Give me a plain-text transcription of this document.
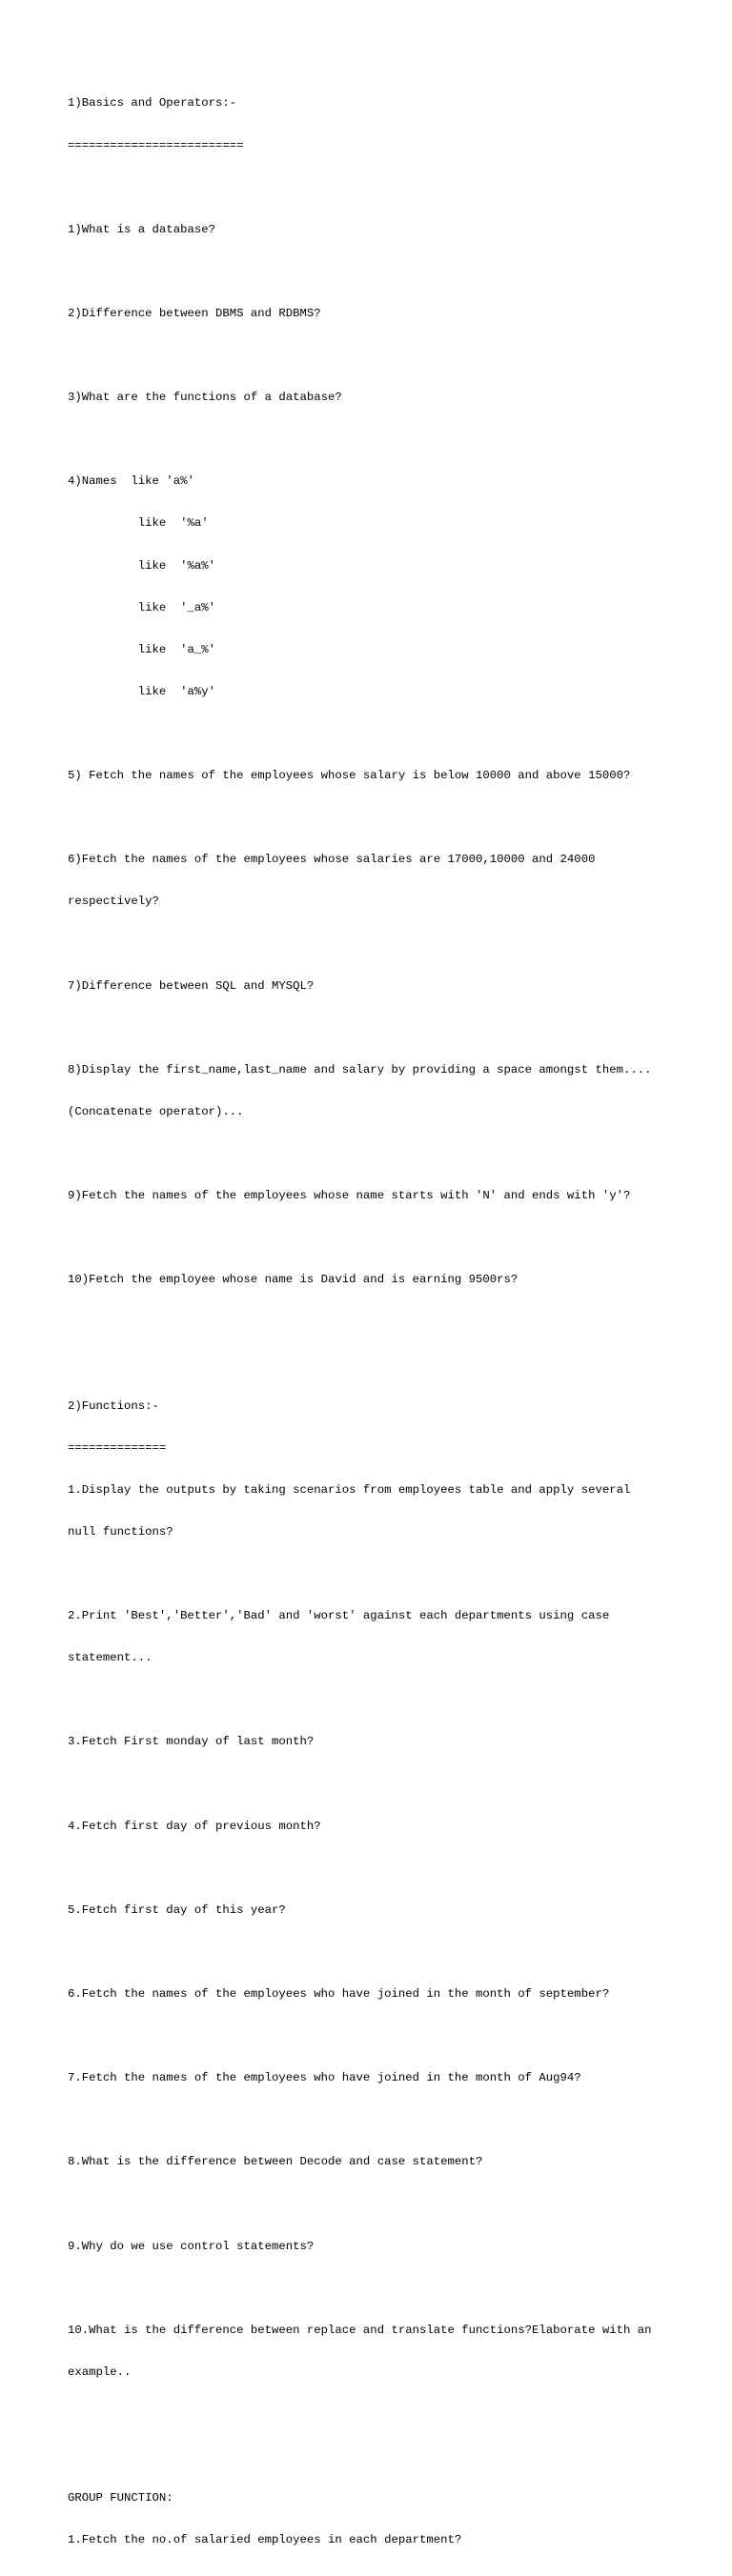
1)Basics and Operators:-

=========================

1)What is a database?

2)Difference between DBMS and RDBMS?

3)What are the functions of a database?

4)Names  like 'a%'

like  '%a'

like  '%a%'

like  '_a%'

like  'a_%'

like  'a%y'

5) Fetch the names of the employees whose salary is below 10000 and above 15000?

6)Fetch the names of the employees whose salaries are 17000,10000 and 24000

respectively?

7)Difference between SQL and MYSQL?

8)Display the first_name,last_name and salary by providing a space amongst them....

(Concatenate operator)...

9)Fetch the names of the employees whose name starts with 'N' and ends with 'y'?

10)Fetch the employee whose name is David and is earning 9500rs?

2)Functions:-

==============

1.Display the outputs by taking scenarios from employees table and apply several

null functions?

2.Print 'Best','Better','Bad' and 'worst' against each departments using case

statement...

3.Fetch First monday of last month?

4.Fetch first day of previous month?

5.Fetch first day of this year?

6.Fetch the names of the employees who have joined in the month of september?

7.Fetch the names of the employees who have joined in the month of Aug94?

8.What is the difference between Decode and case statement?

9.Why do we use control statements?

10.What is the difference between replace and translate functions?Elaborate with an

example..

GROUP FUNCTION:

1.Fetch the no.of salaried employees in each department?
